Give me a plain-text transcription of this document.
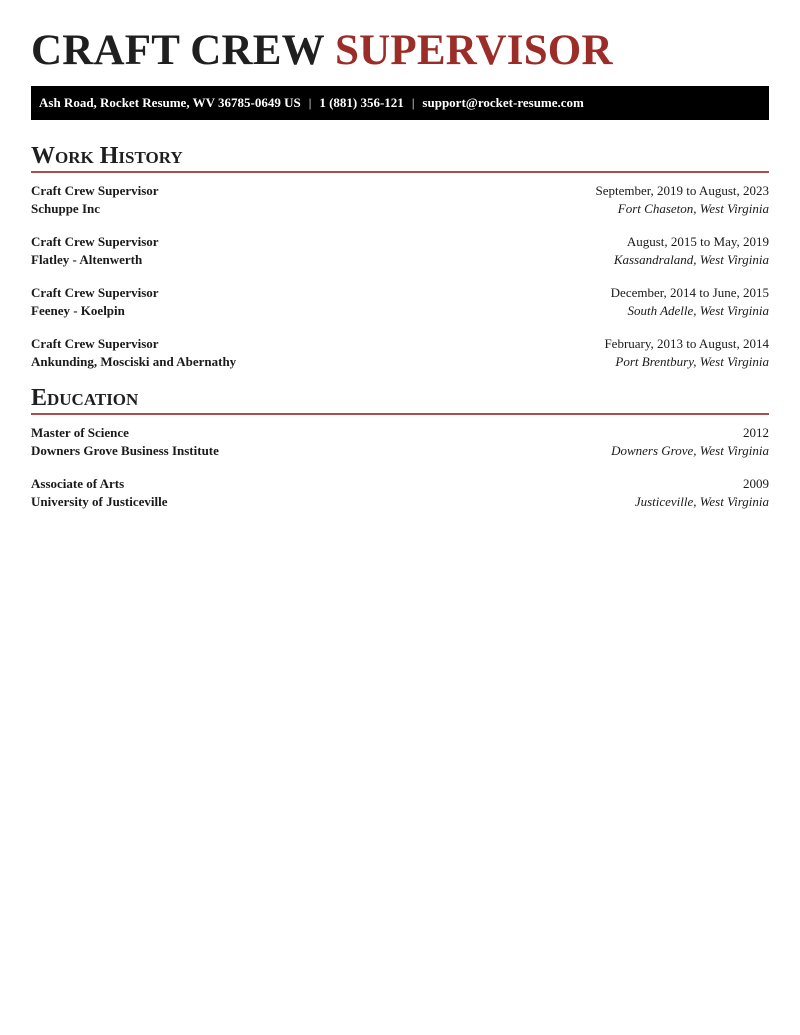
CRAFT CREW SUPERVISOR
Ash Road, Rocket Resume, WV 36785-0649 US | 1 (881) 356-121 | support@rocket-resume.com
Work History
Craft Crew Supervisor	September, 2019 to August, 2023
Schuppe Inc	Fort Chaseton, West Virginia
Craft Crew Supervisor	August, 2015 to May, 2019
Flatley - Altenwerth	Kassandraland, West Virginia
Craft Crew Supervisor	December, 2014 to June, 2015
Feeney - Koelpin	South Adelle, West Virginia
Craft Crew Supervisor	February, 2013 to August, 2014
Ankunding, Mosciski and Abernathy	Port Brentbury, West Virginia
Education
Master of Science	2012
Downers Grove Business Institute	Downers Grove, West Virginia
Associate of Arts	2009
University of Justiceville	Justiceville, West Virginia
